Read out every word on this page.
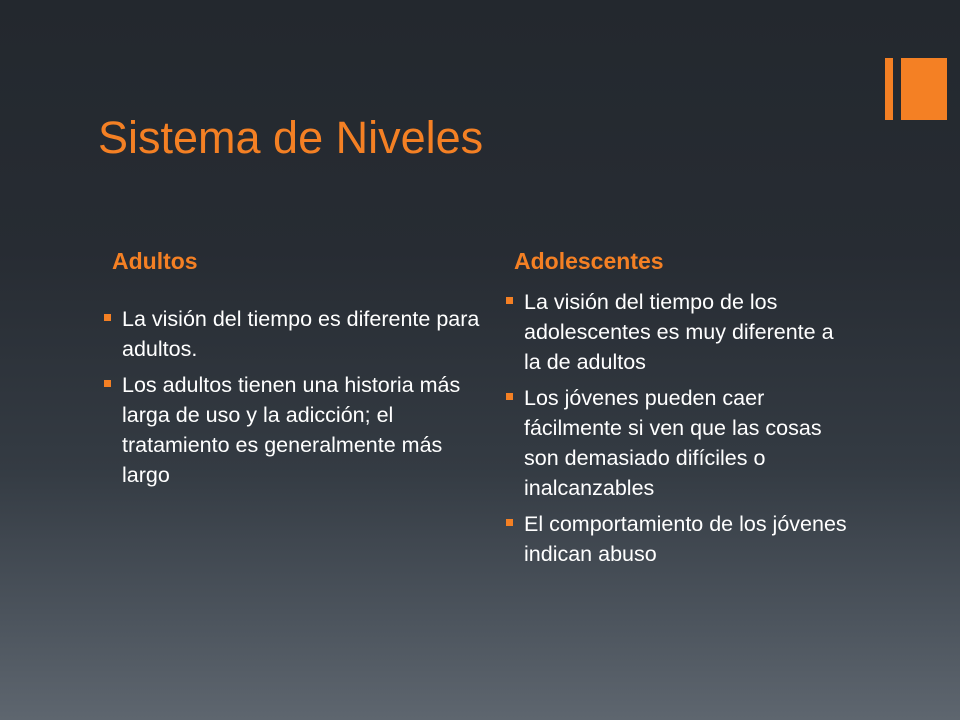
Sistema de Niveles
Adultos	Adolescentes
La visión del tiempo es diferente para adultos.
Los adultos tienen una historia más larga de uso y la adicción; el tratamiento es generalmente más largo
La visión del tiempo de los adolescentes es muy diferente a la de adultos
Los jóvenes pueden caer fácilmente si ven que las cosas son demasiado difíciles o inalcanzables
El comportamiento de los jóvenes indican abuso
